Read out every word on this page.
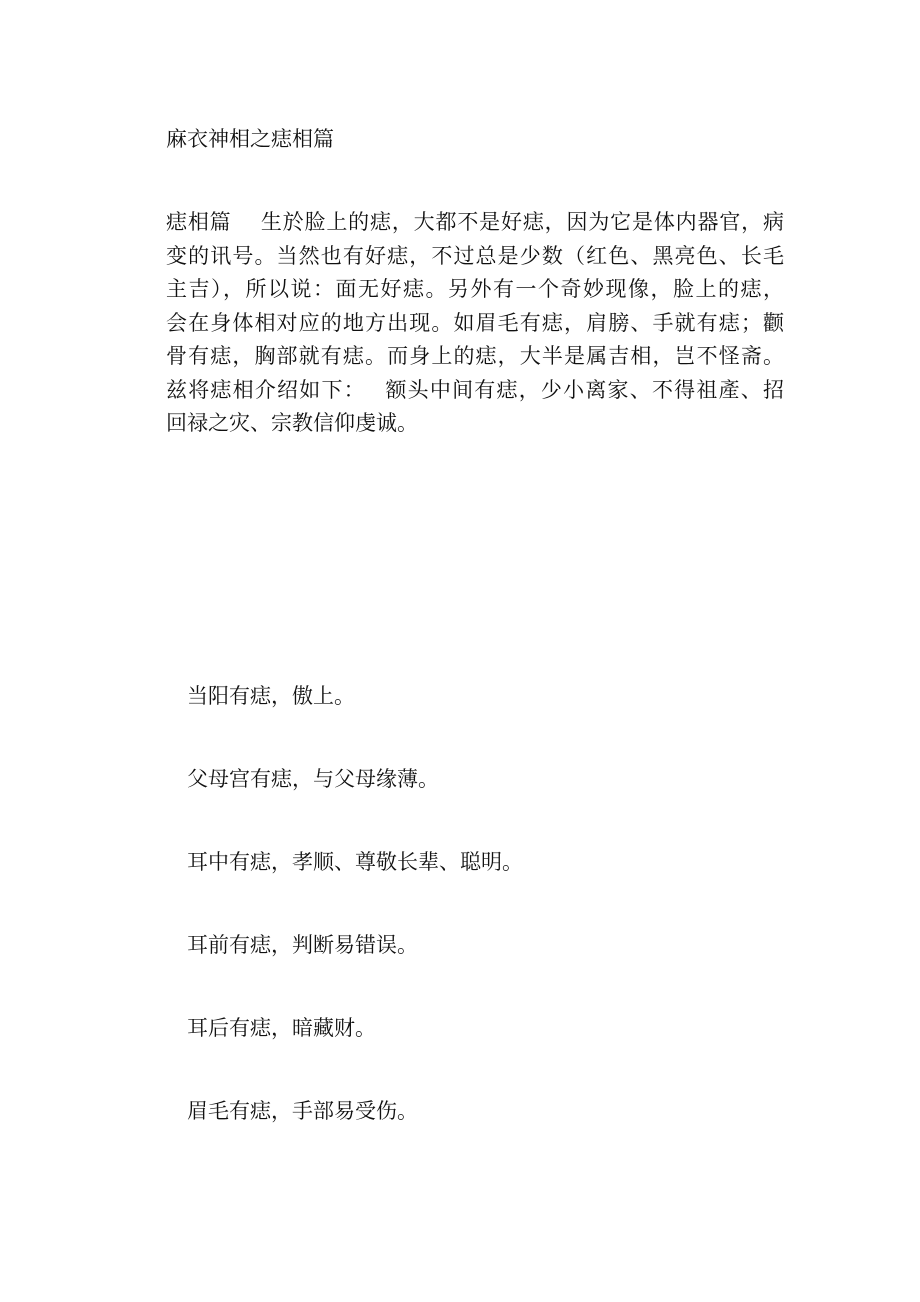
麻衣神相之痣相篇
痣相篇　 生於脸上的痣，大都不是好痣，因为它是体内器官，病
变的讯号。当然也有好痣，不过总是少数（红色、黑亮色、长毛
主吉），所以说：面无好痣。另外有一个奇妙现像，脸上的痣，
会在身体相对应的地方出现。如眉毛有痣，肩膀、手就有痣；颧
骨有痣，胸部就有痣。而身上的痣，大半是属吉相，岂不怪斋。
兹将痣相介绍如下：　 额头中间有痣，少小离家、不得祖產、招
回禄之灾、宗教信仰虔诚。
当阳有痣，傲上。
父母宫有痣，与父母缘薄。
耳中有痣，孝顺、尊敬长辈、聪明。
耳前有痣，判断易错误。
耳后有痣，暗藏财。
眉毛有痣，手部易受伤。
